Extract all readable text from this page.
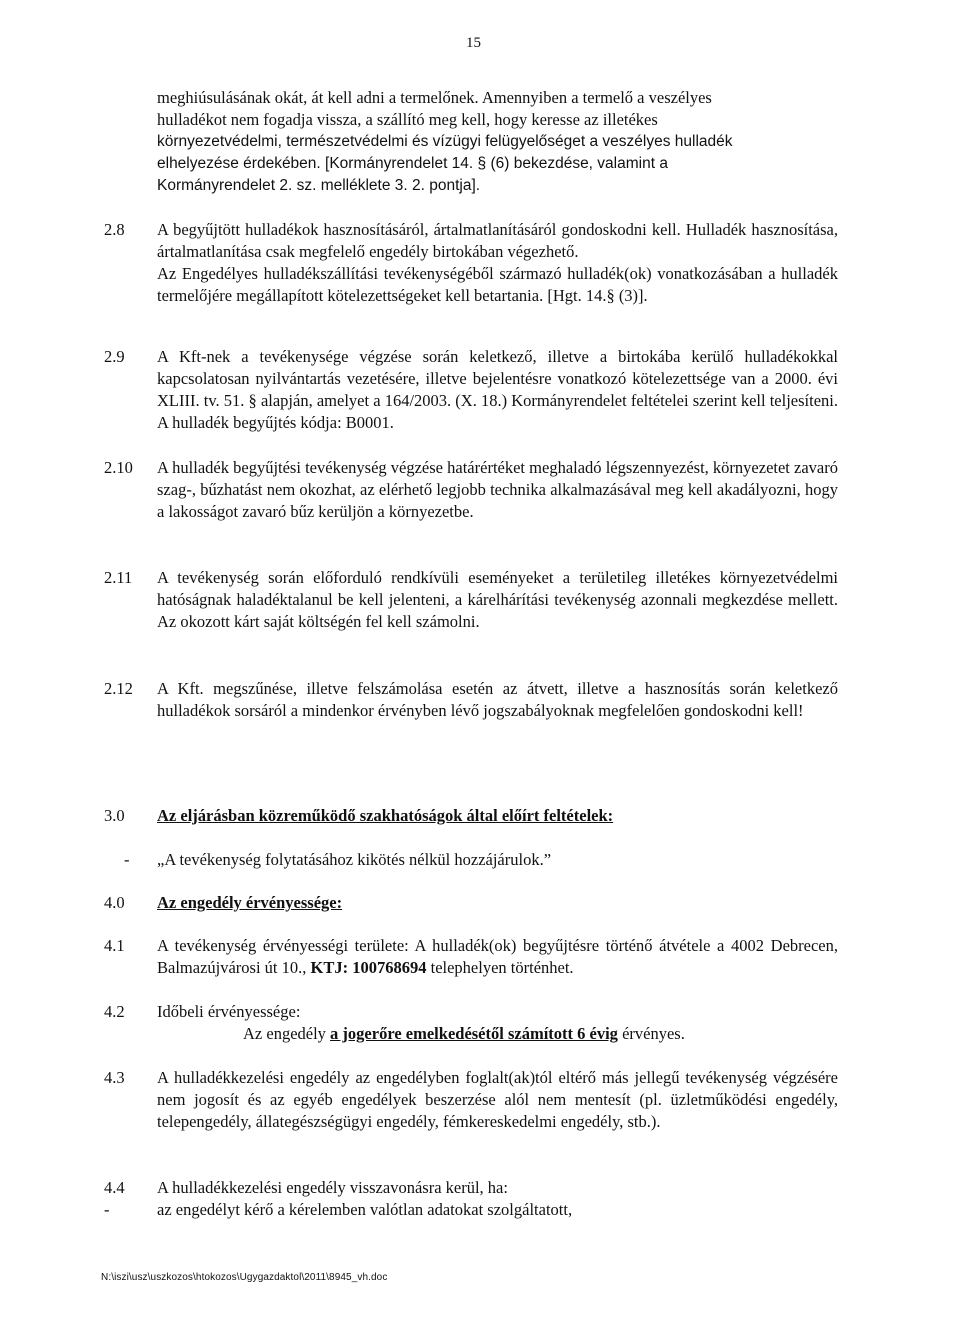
15

meghiúsulásának okát, át kell adni a termelőnek. Amennyiben a termelő a veszélyes

hulladékot nem fogadja vissza, a szállító meg kell, hogy keresse az illetékes

környezetvédelmi, természetvédelmi és vízügyi felügyelőséget a veszélyes hulladék

elhelyezése érdekében. [Kormányrendelet 14. § (6) bekezdése, valamint a

Kormányrendelet 2. sz. melléklete 3. 2. pontja].

2.8 A begyűjtött hulladékok hasznosításáról, ártalmatlanításáról gondoskodni kell. Hulladék hasznosítása, ártalmatlanítása csak megfelelő engedély birtokában végezhető.

Az Engedélyes hulladékszállítási tevékenységéből származó hulladék(ok) vonatkozásában a hulladék termelőjére megállapított kötelezettségeket kell betartania. [Hgt. 14.§ (3)].

2.9 A Kft-nek a tevékenysége végzése során keletkező, illetve a birtokába kerülő hulladékokkal kapcsolatosan nyilvántartás vezetésére, illetve bejelentésre vonatkozó kötelezettsége van a 2000. évi XLIII. tv. 51. § alapján, amelyet a 164/2003. (X. 18.) Kormányrendelet feltételei szerint kell teljesíteni. A hulladék begyűjtés kódja: B0001.

2.10 A hulladék begyűjtési tevékenység végzése határértéket meghaladó légszennyezést, környezetet zavaró szag-, bűzhatást nem okozhat, az elérhető legjobb technika alkalmazásával meg kell akadályozni, hogy a lakosságot zavaró bűz kerüljön a környezetbe.

2.11 A tevékenység során előforduló rendkívüli eseményeket a területileg illetékes környezetvédelmi hatóságnak haladéktalanul be kell jelenteni, a kárelhárítási tevékenység azonnali megkezdése mellett. Az okozott kárt saját költségén fel kell számolni.

2.12 A Kft. megszűnése, illetve felszámolása esetén az átvett, illetve a hasznosítás során keletkező hulladékok sorsáról a mindenkor érvényben lévő jogszabályoknak megfelelően gondoskodni kell!

3.0 Az eljárásban közreműködő szakhatóságok által előírt feltételek:
- „A tevékenység folytatásához kikötés nélkül hozzájárulok.”
4.0 Az engedély érvényessége:
4.1 A tevékenység érvényességi területe: A hulladék(ok) begyűjtésre történő átvétele a 4002 Debrecen, Balmazújvárosi út 10., KTJ: 100768694 telephelyen történhet.
4.2 Időbeli érvényessége:
Az engedély a jogerőre emelkedésétől számított 6 évig érvényes.
4.3 A hulladékkezelési engedély az engedélyben foglalt(ak)tól eltérő más jellegű tevékenység végzésére nem jogosít és az egyéb engedélyek beszerzése alól nem mentesít (pl. üzletműködési engedély, telepengedély, állategészségügyi engedély, fémkereskedelmi engedély, stb.).
4.4 A hulladékkezelési engedély visszavonásra kerül, ha:

-	az engedélyt kérő a kérelemben valótlan adatokat szolgáltatott,
N:\iszi\usz\uszkozos\htokozos\Ugygazdaktol\2011\8945_vh.doc
